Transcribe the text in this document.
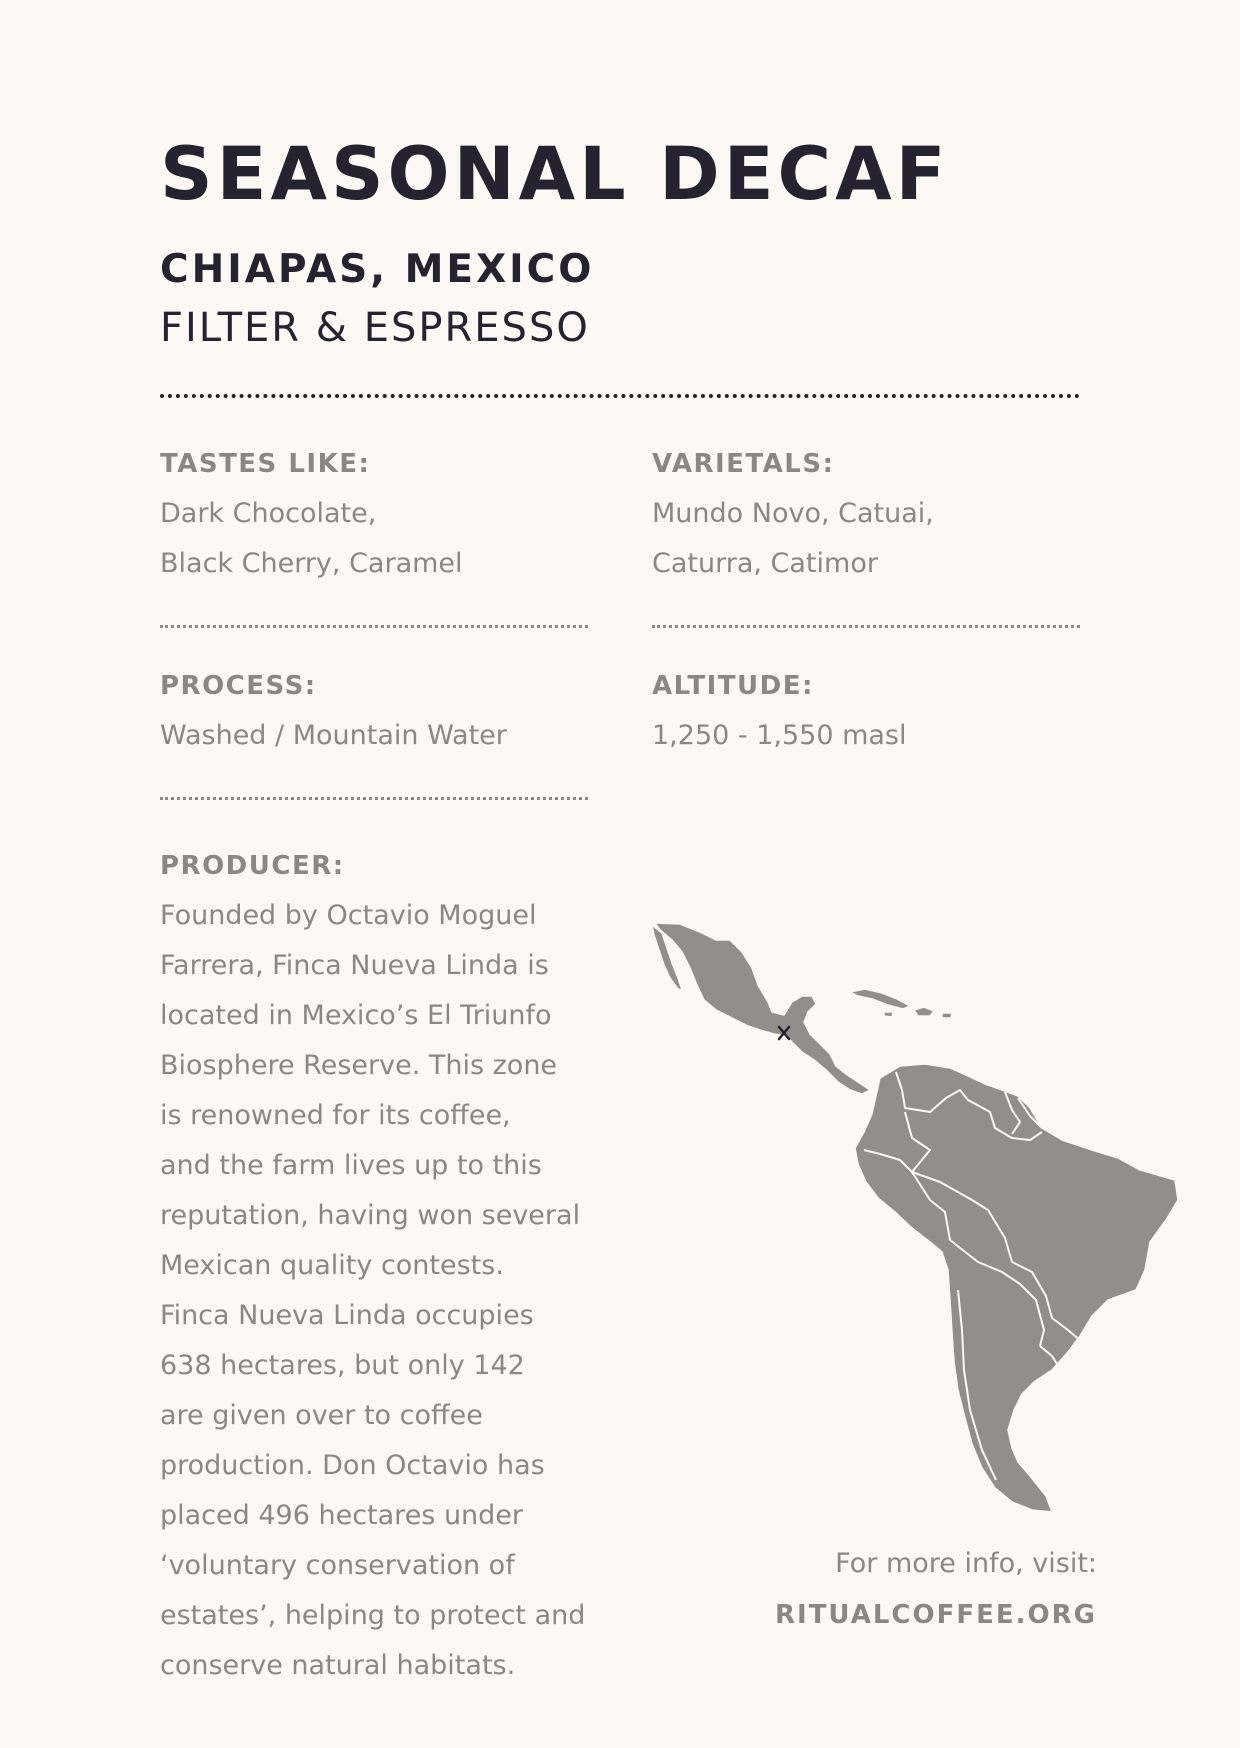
SEASONAL DECAF
CHIAPAS, MEXICO
FILTER & ESPRESSO
TASTES LIKE:
Dark Chocolate,
Black Cherry, Caramel
VARIETALS:
Mundo Novo, Catuai,
Caturra, Catimor
PROCESS:
Washed / Mountain Water
ALTITUDE:
1,250 - 1,550 masl
PRODUCER:
Founded by Octavio Moguel
Farrera, Finca Nueva Linda is
located in Mexico’s El Triunfo
Biosphere Reserve. This zone
is renowned for its coffee,
and the farm lives up to this
reputation, having won several
Mexican quality contests.
Finca Nueva Linda occupies
638 hectares, but only 142
are given over to coffee
production. Don Octavio has
placed 496 hectares under
‘voluntary conservation of
estates’, helping to protect and
conserve natural habitats.
For more info, visit:
RITUALCOFFEE.ORG
